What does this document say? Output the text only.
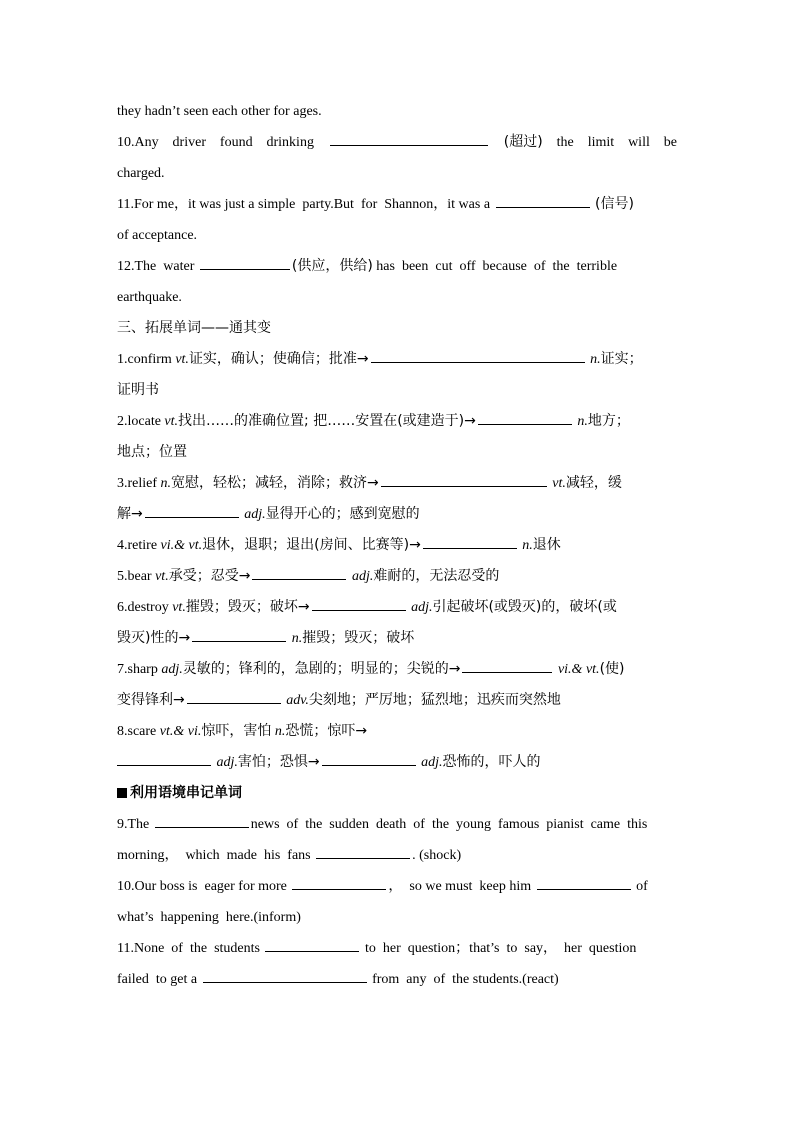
they hadn’t seen each other for ages.
10.Any driver found drinking	(超过) the limit will be
charged.
11.For me，it was just a simple  party.But  for  Shannon，it was a	(信号)
of acceptance.
12.The  water	(供应，供给) has  been  cut  off  because  of  the  terrible
earthquake.
三、拓展单词——通其变
1.confirm vt.证实，确认；使确信；批准→	n.证实；
证明书
2.locate vt.找出……的准确位置; 把……安置在(或建造于)→	n.地方；
地点；位置
3.relief n.宽慰，轻松；减轻，消除；救济→	vt.减轻，缓
解→	adj.显得开心的；感到宽慰的
4.retire vi.& vt.退休，退职；退出(房间、比赛等)→	n.退休
5.bear vt.承受；忍受→	adj.难耐的，无法忍受的
6.destroy vt.摧毁；毁灭；破坏→	adj.引起破坏(或毁灭)的，破坏(或
毁灭)性的→	n.摧毁；毁灭；破坏
7.sharp adj.灵敏的；锋利的，急剧的；明显的；尖锐的→	vi.& vt.(使)
变得锋利→	adv.尖刻地；严厉地；猛烈地；迅疾而突然地
8.scare vt.& vi.惊吓，害怕 n.恐慌；惊吓→
adj.害怕；恐惧→	adj.恐怖的，吓人的
利用语境串记单词
9.The	news  of  the  sudden  death  of  the  young  famous  pianist  came  this
morning，  which  made  his  fans	. (shock)
10.Our boss is  eager for more	，  so we must  keep him	of
what’s  happening  here.(inform)
11.None  of  the  students	to  her  question；that’s  to  say，  her  question
failed  to get a	from  any  of  the students.(react)
